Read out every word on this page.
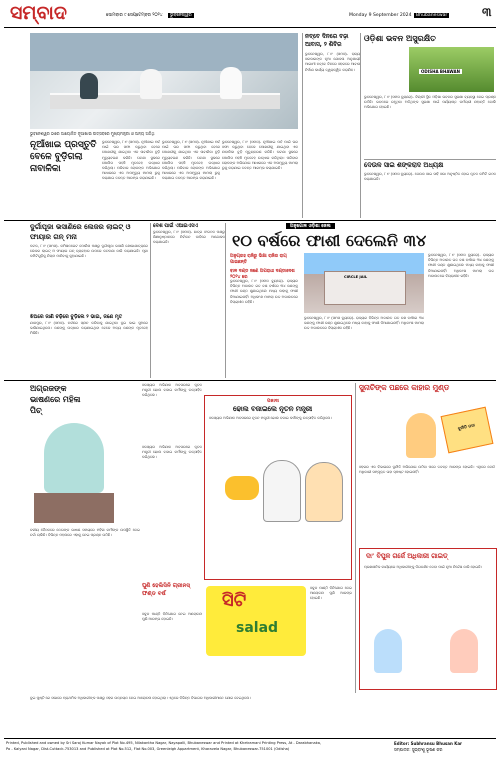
ସମ୍ବାଦ	ସୋମବାର ୯ ସେପ୍ଟେମ୍ବର ୨୦୨୪	ଭୁବନେଶ୍ୱର	Monday 9 September 2024 Bhubaneswar	୩
ଭୁବନେଶ୍ୱର ଠାରେ ଆୟୋଜିତ ନୂଆଖାଇ ଉତ୍ସବରେ ମୁଖ୍ୟମନ୍ତ୍ରୀ ଓ ଅନ୍ୟ ଅତିଥି
ନୂଆଁଖାଇ ପ୍ରସ୍ତୁତି ବେଳେ ବୁଡ଼ିଗଲା ନାବାଳିକା
ଭୁବନେଶ୍ୱର, ୮।୯ (ସମସ)- ନୂଆଁଖାଇ ପର୍ବ ପାଇଁ ଘର ସଫା କରୁଥିବା ବେଳେ ପୋଖରୀକୁ ଯାଇଥିବା ଏକ ନାବାଳିକା ବୁଡ଼ି ମୃତ୍ୟୁବରଣ କରିଛି। ଘଟଣା ସ୍ଥଳରେ ପୋଲିସ ପହଞ୍ଚି ମୃତଦେହ ଉଦ୍ଧାର କରିଥିଲା। ପରିବାର ଲୋକଙ୍କ ଅଭିଯୋଗ ଆଧାରରେ ଏକ ଅପମୃତ୍ୟୁ ମାମଲା ରୁଜୁ କରାଯାଇ ତଦନ୍ତ ଆରମ୍ଭ କରାଯାଇଛି।
ଭୁବନେଶ୍ୱର, ୮।୯ (ସମସ)- ନୂଆଁଖାଇ ପର୍ବ ପାଇଁ ଘର ସଫା କରୁଥିବା ବେଳେ ପୋଖରୀକୁ ଯାଇଥିବା ଏକ ନାବାଳିକା ବୁଡ଼ି ମୃତ୍ୟୁବରଣ କରିଛି। ଘଟଣା ସ୍ଥଳରେ ପୋଲିସ ପହଞ୍ଚି ମୃତଦେହ ଉଦ୍ଧାର କରିଥିଲା। ପରିବାର ଲୋକଙ୍କ ଅଭିଯୋଗ ଆଧାରରେ ଏକ ଅପମୃତ୍ୟୁ ମାମଲା ରୁଜୁ କରାଯାଇ ତଦନ୍ତ ଆରମ୍ଭ କରାଯାଇଛି।
ଭୁବନେଶ୍ୱର, ୮।୯ (ସମସ)- ନୂଆଁଖାଇ ପର୍ବ ପାଇଁ ଘର ସଫା କରୁଥିବା ବେଳେ ପୋଖରୀକୁ ଯାଇଥିବା ଏକ ନାବାଳିକା ବୁଡ଼ି ମୃତ୍ୟୁବରଣ କରିଛି। ଘଟଣା ସ୍ଥଳରେ ପୋଲିସ ପହଞ୍ଚି ମୃତଦେହ ଉଦ୍ଧାର କରିଥିଲା। ପରିବାର ଲୋକଙ୍କ ଅଭିଯୋଗ ଆଧାରରେ ଏକ ଅପମୃତ୍ୟୁ ମାମଲା ରୁଜୁ କରାଯାଇ ତଦନ୍ତ ଆରମ୍ଭ କରାଯାଇଛି।
ନବ୍ବେ ଦିନରେ ବଢ଼ା ଆବାସ, ୨ ଶିବିର
ଭୁବନେଶ୍ୱର, ୮।୯ (ସମସ)- ରାଜ୍ୟ ସରକାରଙ୍କ ନୂଆ ଯୋଜନା ଅନୁଯାୟୀ ଆଗାମୀ ନବ୍ବେ ଦିନରେ ସହରରେ ଆବାସ ନିର୍ମାଣ କାର୍ଯ୍ୟ ତ୍ୱରାନ୍ୱିତ କରାଯିବ।
ଓଡ଼ିଶା ଭବନ ଅସୁରକ୍ଷିତ
ODISHA BHAWAN
ଭୁବନେଶ୍ୱର, ୮।୯ (ସମସ ବ୍ୟୁରୋ)- ଦିଲ୍ଲୀ ସ୍ଥିତ ଓଡ଼ିଶା ଭବନର ସୁରକ୍ଷା ବ୍ୟବସ୍ଥା ନେଇ ପ୍ରଶ୍ନ ଉଠିଛି। ଭବନରେ ରହୁଥିବା ଅତିଥିଙ୍କ ସୁରକ୍ଷା ପାଇଁ ପର୍ଯ୍ୟାପ୍ତ କର୍ମଚାରୀ ନାହାନ୍ତି ବୋଲି ଅଭିଯୋଗ ହୋଇଛି।
ଦେଉଳ ସାଇ ଶଙ୍କରାଦ ଅଧ୍ୟକ୍ଷ
ଭୁବନେଶ୍ୱର, ୮।୯ (ସମସ ବ୍ୟୁରୋ)- ଦେଉଳ ସାଇ ସାହି ସଭା ଅନୁଷ୍ଠିତ ହୋଇ ନୂତନ କମିଟି ଗଠନ କରାଯାଇଛି।
ଦୁର୍ଗାପୂଜା ଭସାଣିରେ ଲେଜର ଲାଇଟ୍ ଓ ଫାୟାର ଗନ୍ ମନା
କଟକ, ୮।୯ (ସମସ)- କମିଶନରେଟ ପୋଲିସ ପକ୍ଷରୁ ଦୁର୍ଗାପୂଜା ଭସାଣି ଶୋଭାଯାତ୍ରାରେ ଲେଜର ଲାଇଟ୍ ଓ ଫାୟାର ଗନ୍ ବ୍ୟବହାର ଉପରେ କଟକଣା ଜାରି କରାଯାଇଛି। ପୂଜା କମିଟିଗୁଡ଼ିକୁ ନିୟମ ମାନିବାକୁ କୁହାଯାଇଛି।
ଝିଅରେ ଜାଣି ଚଢ଼ିରେ ବୁଡ଼ିଲେ ୨ ଭାଇ, ଜଣେ ମୃତ
ଯାଜପୁର, ୮।୯ (ସମସ)- ନଦୀରେ ସ୍ନାନ କରିବାକୁ ଯାଇଥିବା ଦୁଇ ଭାଇ ସୁଅରେ ଭାସିଯାଇଥିଲେ। ଜଣଙ୍କୁ ଉଦ୍ଧାର କରାଯାଇଥିବା ବେଳେ ଅନ୍ୟ ଜଣଙ୍କ ମୃତଦେହ ମିଳିଛି।
ଦେଶ ପାଇଁ ଏଆଇଏସଏ
ଭୁବନେଶ୍ୱର, ୮।୯ (ସମସ)- ଛାତ୍ର ସଂଗଠନ ପକ୍ଷରୁ ଶିକ୍ଷାନୁଷ୍ଠାନରେ ନିର୍ବାଚନ ଦାବିରେ ଆନ୍ଦୋଳନ କରାଯାଇଛି।
ଅନୁଗୋଳ ଓଡ଼ିଶା ଜେଲ
୧୦ ବର୍ଷରେ ଫାଶୀ ଦେଲେନି ୩୪
ଅନୁଗ୍ରହ ରାଜିରୁ ଭିକ୍ଷା ରାଜିର ରାୟ ପାଇଛନ୍ତି
ବାଳ ଦଣ୍ଡ ଜଣେ ଅପରାଧୀ ଦଣ୍ଡାଦେଶ ୨୦୨୪ ରେ
ଭୁବନେଶ୍ୱର, ୮।୯ (ସମସ ବ୍ୟୁରୋ)- ରାଜ୍ୟର ବିଭିନ୍ନ ଅଦାଲତ ଗତ ଦଶ ବର୍ଷରେ ୩୪ ଜଣଙ୍କୁ ଫାଶୀ ଦଣ୍ଡ ଶୁଣାଇଥିଲେ ମଧ୍ୟ କାହାକୁ ଫାଶୀ ଦିଆଯାଇନାହିଁ। ଅଧିକାଂଶ ମାମଲା ଉଚ୍ଚ ଅଦାଲତରେ ବିଚାରାଧୀନ ରହିଛି।
CIRCLE JAIL
ଭୁବନେଶ୍ୱର, ୮।୯ (ସମସ ବ୍ୟୁରୋ)- ରାଜ୍ୟର ବିଭିନ୍ନ ଅଦାଲତ ଗତ ଦଶ ବର୍ଷରେ ୩୪ ଜଣଙ୍କୁ ଫାଶୀ ଦଣ୍ଡ ଶୁଣାଇଥିଲେ ମଧ୍ୟ କାହାକୁ ଫାଶୀ ଦିଆଯାଇନାହିଁ। ଅଧିକାଂଶ ମାମଲା ଉଚ୍ଚ ଅଦାଲତରେ ବିଚାରାଧୀନ ରହିଛି।
ଭୁବନେଶ୍ୱର, ୮।୯ (ସମସ ବ୍ୟୁରୋ)- ରାଜ୍ୟର ବିଭିନ୍ନ ଅଦାଲତ ଗତ ଦଶ ବର୍ଷରେ ୩୪ ଜଣଙ୍କୁ ଫାଶୀ ଦଣ୍ଡ ଶୁଣାଇଥିଲେ ମଧ୍ୟ କାହାକୁ ଫାଶୀ ଦିଆଯାଇନାହିଁ। ଅଧିକାଂଶ ମାମଲା ଉଚ୍ଚ ଅଦାଲତରେ ବିଚାରାଧୀନ ରହିଛି।
ଅଗ୍ରଜଙ୍କ ଭାଷଣରେ ମହିଳା ପିଚ୍
ଦଳୀୟ ବୈଠକରେ ନେତାଙ୍କ ଭାଷଣ ସମୟରେ ମହିଳା କର୍ମୀଙ୍କ ଉପସ୍ଥିତି ନେଇ ଚର୍ଚ୍ଚା ଚାଲିଛି। ବିଭିନ୍ନ ମହଲରେ ଏହାକୁ ନେଇ ପ୍ରଶ୍ନ ଉଠିଛି।
ସଦସ୍ୟତା ଅଭିଯାନ ଅବସରରେ ନୂତନ ମନ୍ତ୍ରୀ ଢୋଲ ବଜାଇ କର୍ମୀଙ୍କୁ ଉତ୍ସାହିତ କରିଥିଲେ।
ପକାଦା
ଢୋଲ ବଜାଇଲେ ନୂତନ ମନ୍ତ୍ରୀ
ସଦସ୍ୟତା ଅଭିଯାନ ଅବସରରେ ନୂତନ ମନ୍ତ୍ରୀ ଢୋଲ ବଜାଇ କର୍ମୀଙ୍କୁ ଉତ୍ସାହିତ କରିଥିଲେ।
ସଦସ୍ୟତା ଅଭିଯାନ ଅବସରରେ ନୂତନ ମନ୍ତ୍ରୀ ଢୋଲ ବଜାଇ କର୍ମୀଙ୍କୁ ଉତ୍ସାହିତ କରିଥିଲେ।
ସୁନାଚିଙ୍କ ପଛରେ କାହାର ମୁଣ୍ଡ
ଦୁର୍ନୀତି ପଦା
ସହରର ଏକ ବିଭାଗରେ ଦୁର୍ନୀତି ଅଭିଯୋଗ ଉଠିବା ପରେ ତଦନ୍ତ ଆରମ୍ଭ ହୋଇଛି। ଏଥିରେ କେଉଁ ଅଧିକାରୀ ସମ୍ପୃକ୍ତ ତାହା ସ୍ପଷ୍ଟ ହୋଇନାହିଁ।
ଦା’ ବିପୁଳ ଗର୍ଜେ ଅଧିକାରୀ ଗାଇଡ୍
ପ୍ରଶାସନିକ କାର୍ଯ୍ୟରେ ଅଧିକାରୀଙ୍କୁ ଦିଗଦର୍ଶନ ଦେବା ପାଇଁ ନୂଆ ନିର୍ଦ୍ଦେଶ ଜାରି ହୋଇଛି।
ପୁଣି ହେଲିସିନି ଗ୍ରୀନସ୍ ଫଣ୍ଡ ବର୍ଷ
ସବୁଜ ପାଣ୍ଠି ବିନିଯୋଗ ନେଇ ଆଲୋଚନା ପୁଣି ଆରମ୍ଭ ହୋଇଛି।
ସିଟି
salad
ସବୁଜ ପାଣ୍ଠି ବିନିଯୋଗ ନେଇ ଆଲୋଚନା ପୁଣି ଆରମ୍ଭ ହୋଇଛି।
ଦୁଇ ପୁଷ୍ଟି ରେ ସଭାରେ ପ୍ରାଥମିକ ଅଧିକାରୀଙ୍କ ପକ୍ଷରୁ ସହର ଉନ୍ନୟନ ନେଇ ଆଲୋଚନା ହୋଇଥିଲା। ଏଥିରେ ବିଭିନ୍ନ ବିଭାଗର ଅଧିକାରୀମାନେ ଯୋଗ ଦେଇଥିଲେ।
Printed, Published and owned by Sri Saroj Kumar Nayak of Plot No.495, Nilakantha Nagar, Nayapalli, Bhubaneswar and Printed at Khetramani Printing Press, At - Darabhanaka,
Po - Kalyani Nagar, Dist-Cuttack-753013 and Published at Plot No.512, Flat No.003, Greenleigh Appartment, Kharavela Nagar, Bhubaneswar-751001 (Odisha)
Editor: Subhransu Bhusan Kar
ସମ୍ପାଦକ: ସୁଭ୍ରାଂଶୁ ଭୂଷଣ କର
